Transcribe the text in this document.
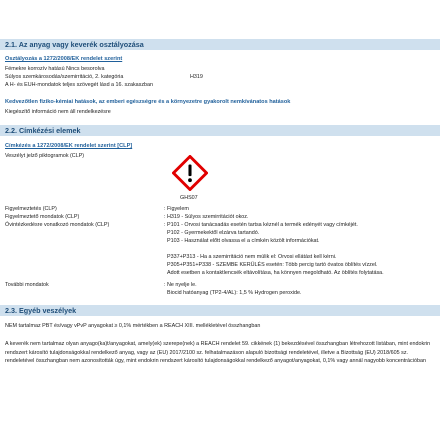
2.1. Az anyag vagy keverék osztályozása
Osztályozás a 1272/2008/EK rendelet szerint
Fémekre korrozív hatású Nincs besorolva
Súlyos szemkárosodás/szemirritáció, 2. kategória	H319
A H- és EUH-mondatok teljes szövegét lásd a 16. szakaszban
Kedvezőtlen fiziko-kémiai hatások, az emberi egészségre és a környezetre gyakorolt nemkívánatos hatások
Kiegészítő információ nem áll rendelkezésre
2.2. Címkézési elemek
Címkézés a 1272/2008/EK rendelet szerint [CLP]
Veszélyt jelző piktogramok (CLP)
GHS07
Figyelmeztetés (CLP)	: Figyelem
Figyelmeztető mondatok (CLP)	: H319 - Súlyos szemirritációt okoz.
Óvintézkedésre vonatkozó mondatok (CLP)	: P101 - Orvosi tanácsadás esetén tartsa kéznél a termék edényét vagy címkéjét.
P102 - Gyermekektől elzárva tartandó.
P103 - Használat előtt olvassa el a címkén közölt információkat.
P337+P313 - Ha a szemirritáció nem múlik el: Orvosi ellátást kell kérni.
P305+P351+P338 - SZEMBE KERÜLÉS esetén: Több percig tartó óvatos öblítés vízzel.
Adott esetben a kontaktlencsék eltávolítása, ha könnyen megoldható. Az öblítés folytatása.
További mondatok	: Ne nyelje le.
Biocid hatóanyag (TP2-4/AL): 1,5 % Hydrogen peroxide.
2.3. Egyéb veszélyek
NEM tartalmaz PBT és/vagy vPvP anyagokat ≥ 0,1% mértékben a REACH XIII. mellékletével összhangban
A keverék nem tartalmaz olyan anyago(ka)t/anyagokat, amely(ek) szerepe(nek) a REACH rendelet 59. cikkének (1) bekezdésével összhangban létrehozott listában, mint endokrin rendszert károsító tulajdonságokkal rendelkező anyag, vagy az (EU) 2017/2100 sz. felhatalmazáson alapuló bizottsági rendeletével, illetve a Bizottság (EU) 2018/605 sz. rendeletével összhangban nem azonosították úgy, mint endokrin rendszert károsító tulajdonságokkal rendelkező anyagot/anyagokat, 0,1% vagy annál nagyobb koncentrációban
